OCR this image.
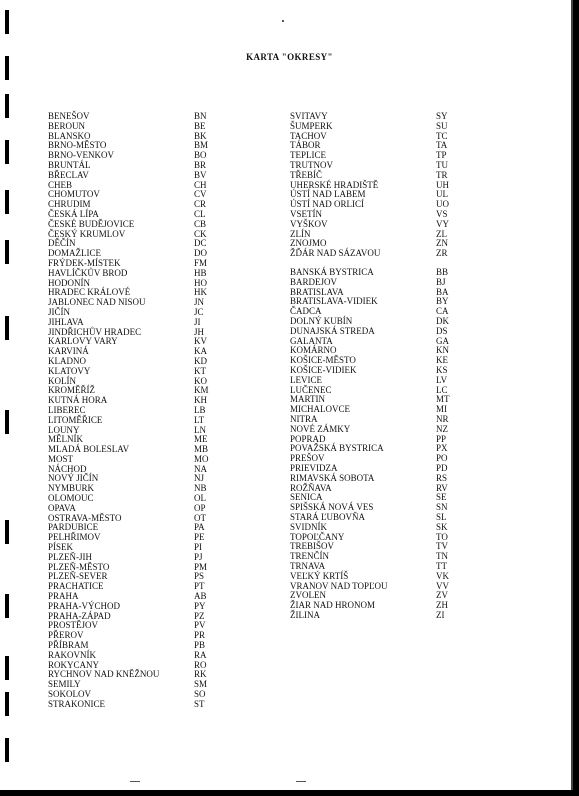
KARTA "OKRESY"
BENEŠOV	BN
BEROUN	BE
BLANSKO	BK
BRNO-MĚSTO	BM
BRNO-VENKOV	BO
BRUNTÁL	BR
BŘECLAV	BV
CHEB	CH
CHOMUTOV	CV
CHRUDIM	CR
ČESKÁ LÍPA	CL
ČESKÉ BUDĚJOVICE	CB
ČESKÝ KRUMLOV	CK
DĚČÍN	DC
DOMAŽLICE	DO
FRÝDEK-MÍSTEK	FM
HAVLÍČKŮV BROD	HB
HODONÍN	HO
HRADEC KRÁLOVÉ	HK
JABLONEC NAD NISOU	JN
JIČÍN	JC
JIHLAVA	JI
JINDŘICHŮV HRADEC	JH
KARLOVY VARY	KV
KARVINÁ	KA
KLADNO	KD
KLATOVY	KT
KOLÍN	KO
KROMĚŘÍŽ	KM
KUTNÁ HORA	KH
LIBEREC	LB
LITOMĚŘICE	LT
LOUNY	LN
MĚLNÍK	ME
MLADÁ BOLESLAV	MB
MOST	MO
NÁCHOD	NA
NOVÝ JIČÍN	NJ
NYMBURK	NB
OLOMOUC	OL
OPAVA	OP
OSTRAVA-MĚSTO	OT
PARDUBICE	PA
PELHŘIMOV	PE
PÍSEK	PI
PLZEŇ-JIH	PJ
PLZEŇ-MĚSTO	PM
PLZEŇ-SEVER	PS
PRACHATICE	PT
PRAHA	AB
PRAHA-VÝCHOD	PY
PRAHA-ZÁPAD	PZ
PROSTĚJOV	PV
PŘEROV	PR
PŘÍBRAM	PB
RAKOVNÍK	RA
ROKYCANY	RO
RYCHNOV NAD KNĚŽNOU	RK
SEMILY	SM
SOKOLOV	SO
STRAKONICE	ST
SVITAVY	SY
ŠUMPERK	SU
TACHOV	TC
TÁBOR	TA
TEPLICE	TP
TRUTNOV	TU
TŘEBÍČ	TR
UHERSKÉ HRADIŠTĚ	UH
ÚSTÍ NAD LABEM	UL
ÚSTÍ NAD ORLICÍ	UO
VSETÍN	VS
VYŠKOV	VY
ZLÍN	ZL
ZNOJMO	ZN
ŽĎÁR NAD SÁZAVOU	ZR
BANSKÁ BYSTRICA	BB
BARDEJOV	BJ
BRATISLAVA	BA
BRATISLAVA-VIDIEK	BY
ČADCA	CA
DOLNÝ KUBÍN	DK
DUNAJSKÁ STREDA	DS
GALANTA	GA
KOMÁRNO	KN
KOŠICE-MĚSTO	KE
KOŠICE-VIDIEK	KS
LEVICE	LV
LUČENEC	LC
MARTIN	MT
MICHALOVCE	MI
NITRA	NR
NOVÉ ZÁMKY	NZ
POPRAD	PP
POVAŽSKÁ BYSTRICA	PX
PREŠOV	PO
PRIEVIDZA	PD
RIMAVSKÁ SOBOTA	RS
ROŽŇAVA	RV
SENICA	SE
SPIŠSKÁ NOVÁ VES	SN
STARÁ ĽUBOVŇA	SL
SVIDNÍK	SK
TOPOĽČANY	TO
TREBIŠOV	TV
TRENČÍN	TN
TRNAVA	TT
VEĽKÝ KRTÍŠ	VK
VRANOV NAD TOPĽOU	VV
ZVOLEN	ZV
ŽIAR NAD HRONOM	ZH
ŽILINA	ZI
